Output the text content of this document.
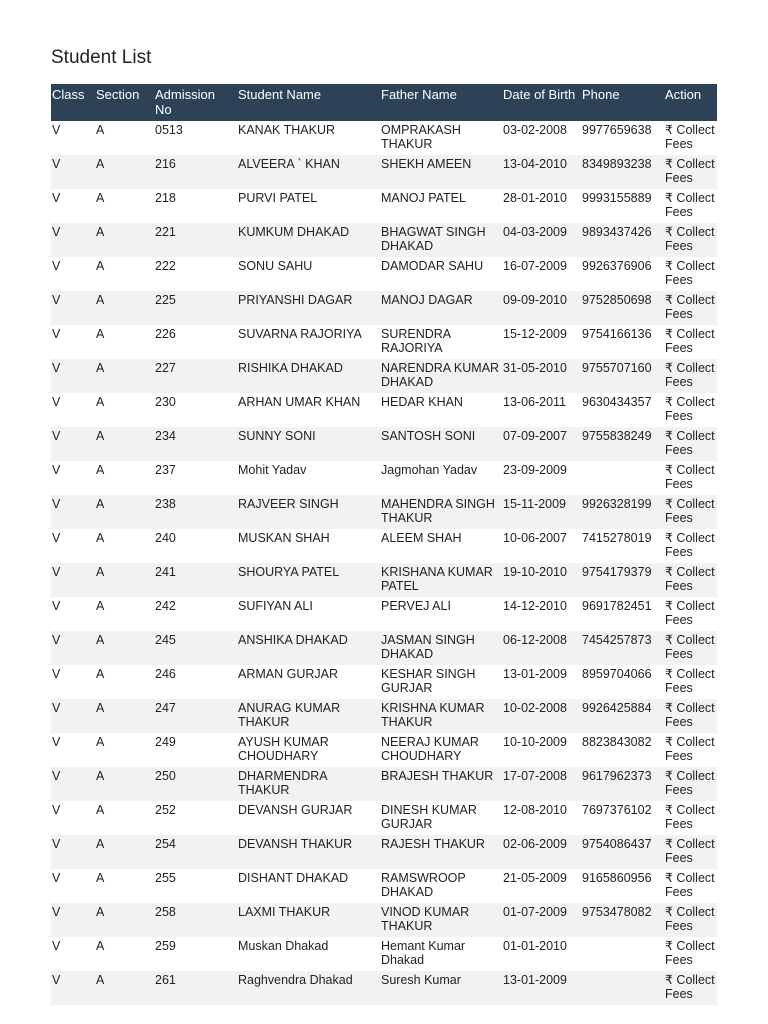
Student List
Class	Section	Admission No	Student Name	Father Name	Date of Birth	Phone	Action
V	A	0513	KANAK THAKUR	OMPRAKASH THAKUR	03-02-2008	9977659638	₹ Collect Fees
V	A	216	ALVEERA ` KHAN	SHEKH AMEEN	13-04-2010	8349893238	₹ Collect Fees
V	A	218	PURVI PATEL	MANOJ PATEL	28-01-2010	9993155889	₹ Collect Fees
V	A	221	KUMKUM DHAKAD	BHAGWAT SINGH DHAKAD	04-03-2009	9893437426	₹ Collect Fees
V	A	222	SONU SAHU	DAMODAR SAHU	16-07-2009	9926376906	₹ Collect Fees
V	A	225	PRIYANSHI DAGAR	MANOJ DAGAR	09-09-2010	9752850698	₹ Collect Fees
V	A	226	SUVARNA RAJORIYA	SURENDRA RAJORIYA	15-12-2009	9754166136	₹ Collect Fees
V	A	227	RISHIKA DHAKAD	NARENDRA KUMAR DHAKAD	31-05-2010	9755707160	₹ Collect Fees
V	A	230	ARHAN UMAR KHAN	HEDAR KHAN	13-06-2011	9630434357	₹ Collect Fees
V	A	234	SUNNY SONI	SANTOSH SONI	07-09-2007	9755838249	₹ Collect Fees
V	A	237	Mohit Yadav	Jagmohan Yadav	23-09-2009		₹ Collect Fees
V	A	238	RAJVEER SINGH	MAHENDRA SINGH THAKUR	15-11-2009	9926328199	₹ Collect Fees
V	A	240	MUSKAN SHAH	ALEEM SHAH	10-06-2007	7415278019	₹ Collect Fees
V	A	241	SHOURYA PATEL	KRISHANA KUMAR PATEL	19-10-2010	9754179379	₹ Collect Fees
V	A	242	SUFIYAN ALI	PERVEJ ALI	14-12-2010	9691782451	₹ Collect Fees
V	A	245	ANSHIKA DHAKAD	JASMAN SINGH DHAKAD	06-12-2008	7454257873	₹ Collect Fees
V	A	246	ARMAN GURJAR	KESHAR SINGH GURJAR	13-01-2009	8959704066	₹ Collect Fees
V	A	247	ANURAG KUMAR THAKUR	KRISHNA KUMAR THAKUR	10-02-2008	9926425884	₹ Collect Fees
V	A	249	AYUSH KUMAR CHOUDHARY	NEERAJ KUMAR CHOUDHARY	10-10-2009	8823843082	₹ Collect Fees
V	A	250	DHARMENDRA THAKUR	BRAJESH THAKUR	17-07-2008	9617962373	₹ Collect Fees
V	A	252	DEVANSH GURJAR	DINESH KUMAR GURJAR	12-08-2010	7697376102	₹ Collect Fees
V	A	254	DEVANSH THAKUR	RAJESH THAKUR	02-06-2009	9754086437	₹ Collect Fees
V	A	255	DISHANT DHAKAD	RAMSWROOP DHAKAD	21-05-2009	9165860956	₹ Collect Fees
V	A	258	LAXMI THAKUR	VINOD KUMAR THAKUR	01-07-2009	9753478082	₹ Collect Fees
V	A	259	Muskan Dhakad	Hemant Kumar Dhakad	01-01-2010		₹ Collect Fees
V	A	261	Raghvendra Dhakad	Suresh Kumar	13-01-2009		₹ Collect Fees
